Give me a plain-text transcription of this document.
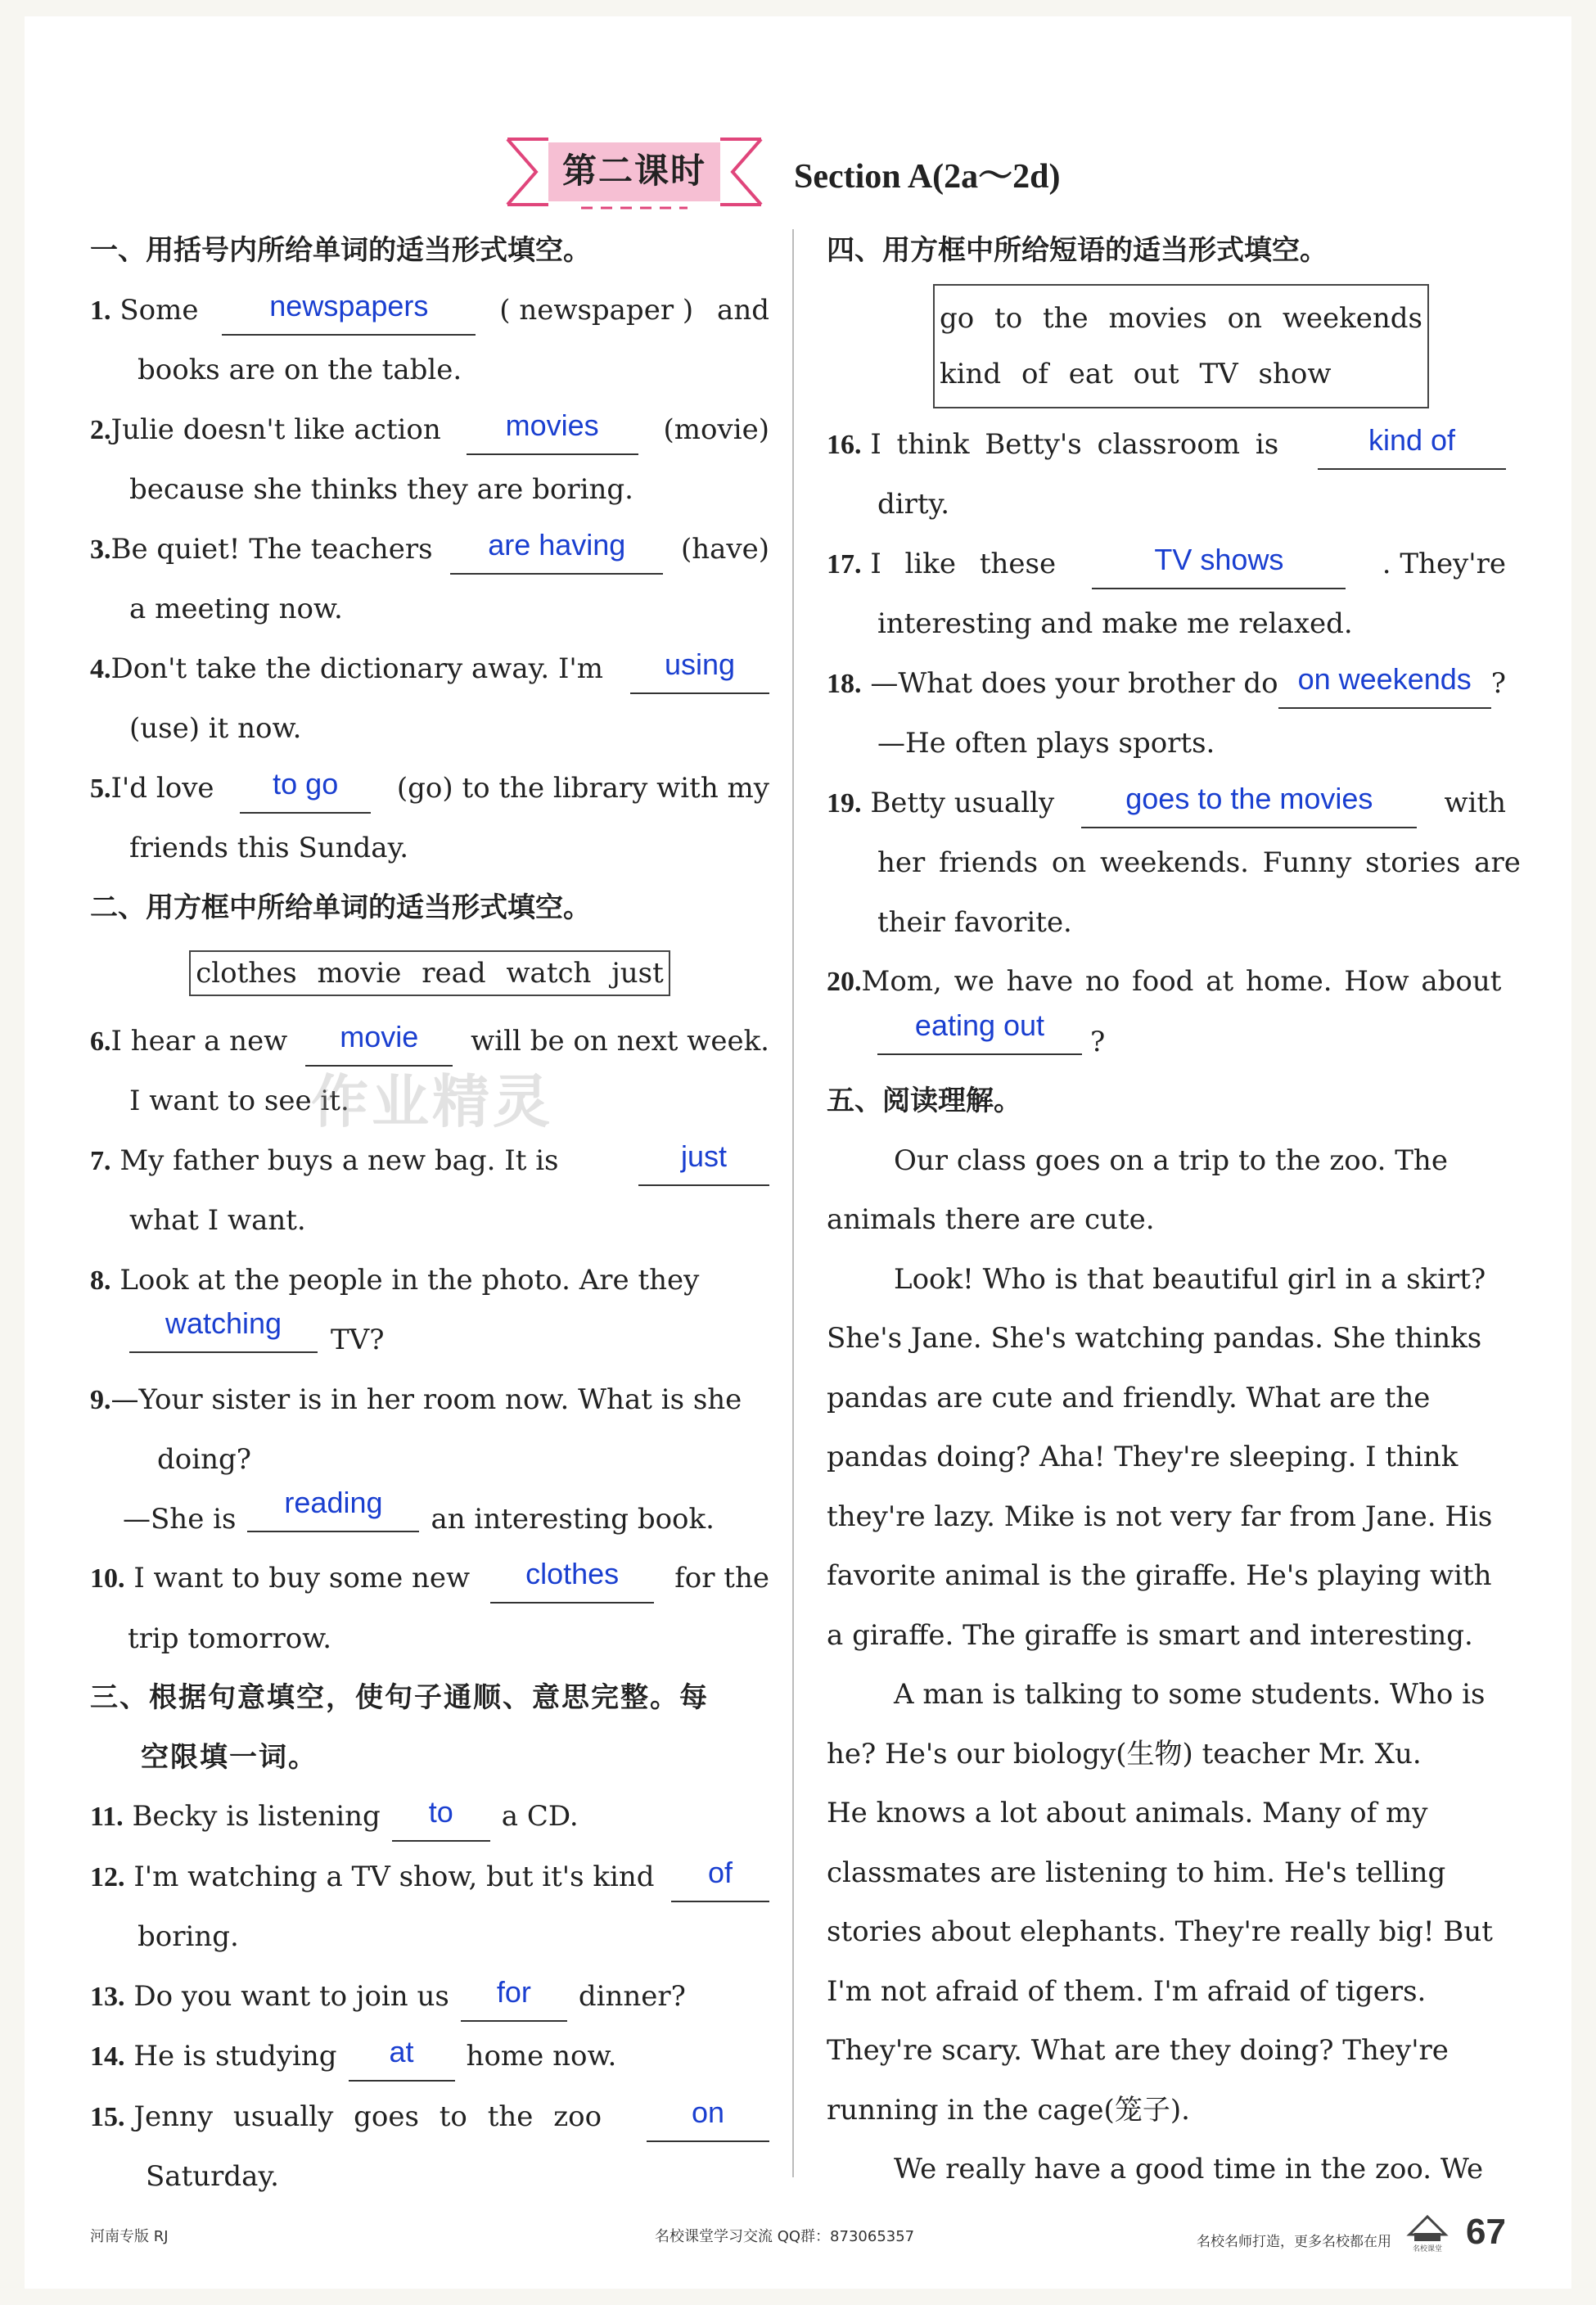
第二课时	Section A(2a～2d)
一、用括号内所给单词的适当形式填空。
1. Some	newspapers	( newspaper ) and
books are on the table.
2.Julie doesn't like action	movies	(movie)
because she thinks they are boring.
3.Be quiet! The teachers	are having	(have)
a meeting now.
4.Don't take the dictionary away. I'm	using
(use) it now.
5.I'd love	to go	(go) to the library with my
friends this Sunday.
二、用方框中所给单词的适当形式填空。
clothes movie read watch just
6.I hear a new	movie	will be on next week.
I want to see it.
7. My father buys a new bag. It is	just
what I want.
8. Look at the people in the photo. Are they
watching	TV?
9.—Your sister is in her room now. What is she
doing?
—She is	reading	an interesting book.
10. I want to buy some new	clothes	for the
trip tomorrow.
三、根据句意填空，使句子通顺、意思完整。每
空限填一词。
11. Becky is listening	to	a CD.
12. I'm watching a TV show, but it's kind	of
boring.
13. Do you want to join us	for	dinner?
14. He is studying	at	home now.
15. Jenny usually goes to the zoo	on
Saturday.
作业精灵
四、用方框中所给短语的适当形式填空。
go to the movies on weekends
kind of eat out TV show
16. I think Betty's classroom is	kind of
dirty.
17. I like these	TV shows	. They're
interesting and make me relaxed.
18. —What does your brother do on weekends ?
—He often plays sports.
19. Betty usually	goes to the movies	with
her friends on weekends. Funny stories are
their favorite.
20.Mom, we have no food at home. How about
eating out	?
五、阅读理解。
Our class goes on a trip to the zoo. The
animals there are cute.
Look! Who is that beautiful girl in a skirt?
She's Jane. She's watching pandas. She thinks
pandas are cute and friendly. What are the
pandas doing? Aha! They're sleeping. I think
they're lazy. Mike is not very far from Jane. His
favorite animal is the giraffe. He's playing with
a giraffe. The giraffe is smart and interesting.
A man is talking to some students. Who is
he? He's our biology(生物) teacher Mr. Xu.
He knows a lot about animals. Many of my
classmates are listening to him. He's telling
stories about elephants. They're really big! But
I'm not afraid of them. I'm afraid of tigers.
They're scary. What are they doing? They're
running in the cage(笼子).
We really have a good time in the zoo. We
河南专版 RJ	名校课堂学习交流 QQ群：873065357	名校名师打造，更多名校都在用	名校课堂 67
